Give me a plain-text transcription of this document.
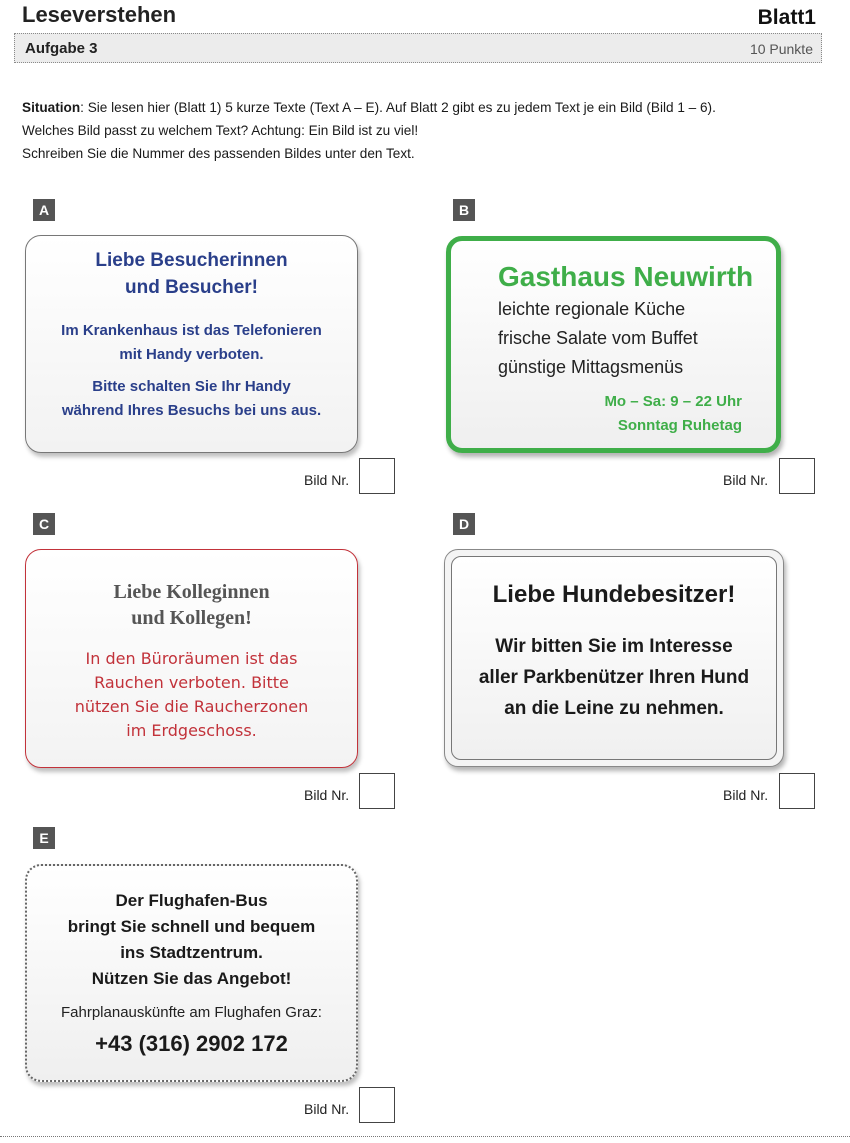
Leseverstehen	Blatt1
Aufgabe 3	10 Punkte
Situation: Sie lesen hier (Blatt 1) 5 kurze Texte (Text A – E). Auf Blatt 2 gibt es zu jedem Text je ein Bild (Bild 1 – 6).
Welches Bild passt zu welchem Text? Achtung: Ein Bild ist zu viel!
Schreiben Sie die Nummer des passenden Bildes unter den Text.
A
Liebe Besucherinnen
und Besucher!
Im Krankenhaus ist das Telefonieren
mit Handy verboten.
Bitte schalten Sie Ihr Handy
während Ihres Besuchs bei uns aus.
Bild Nr.
B
Gasthaus Neuwirth
leichte regionale Küche
frische Salate vom Buffet
günstige Mittagsmenüs
Mo – Sa: 9 – 22 Uhr
Sonntag Ruhetag
Bild Nr.
C
Liebe Kolleginnen
und Kollegen!
In den Büroräumen ist das
Rauchen verboten. Bitte
nützen Sie die Raucherzonen
im Erdgeschoss.
Bild Nr.
D
Liebe Hundebesitzer!
Wir bitten Sie im Interesse
aller Parkbenützer Ihren Hund
an die Leine zu nehmen.
Bild Nr.
E
Der Flughafen-Bus
bringt Sie schnell und bequem
ins Stadtzentrum.
Nützen Sie das Angebot!
Fahrplanauskünfte am Flughafen Graz:
+43 (316) 2902 172
Bild Nr.
